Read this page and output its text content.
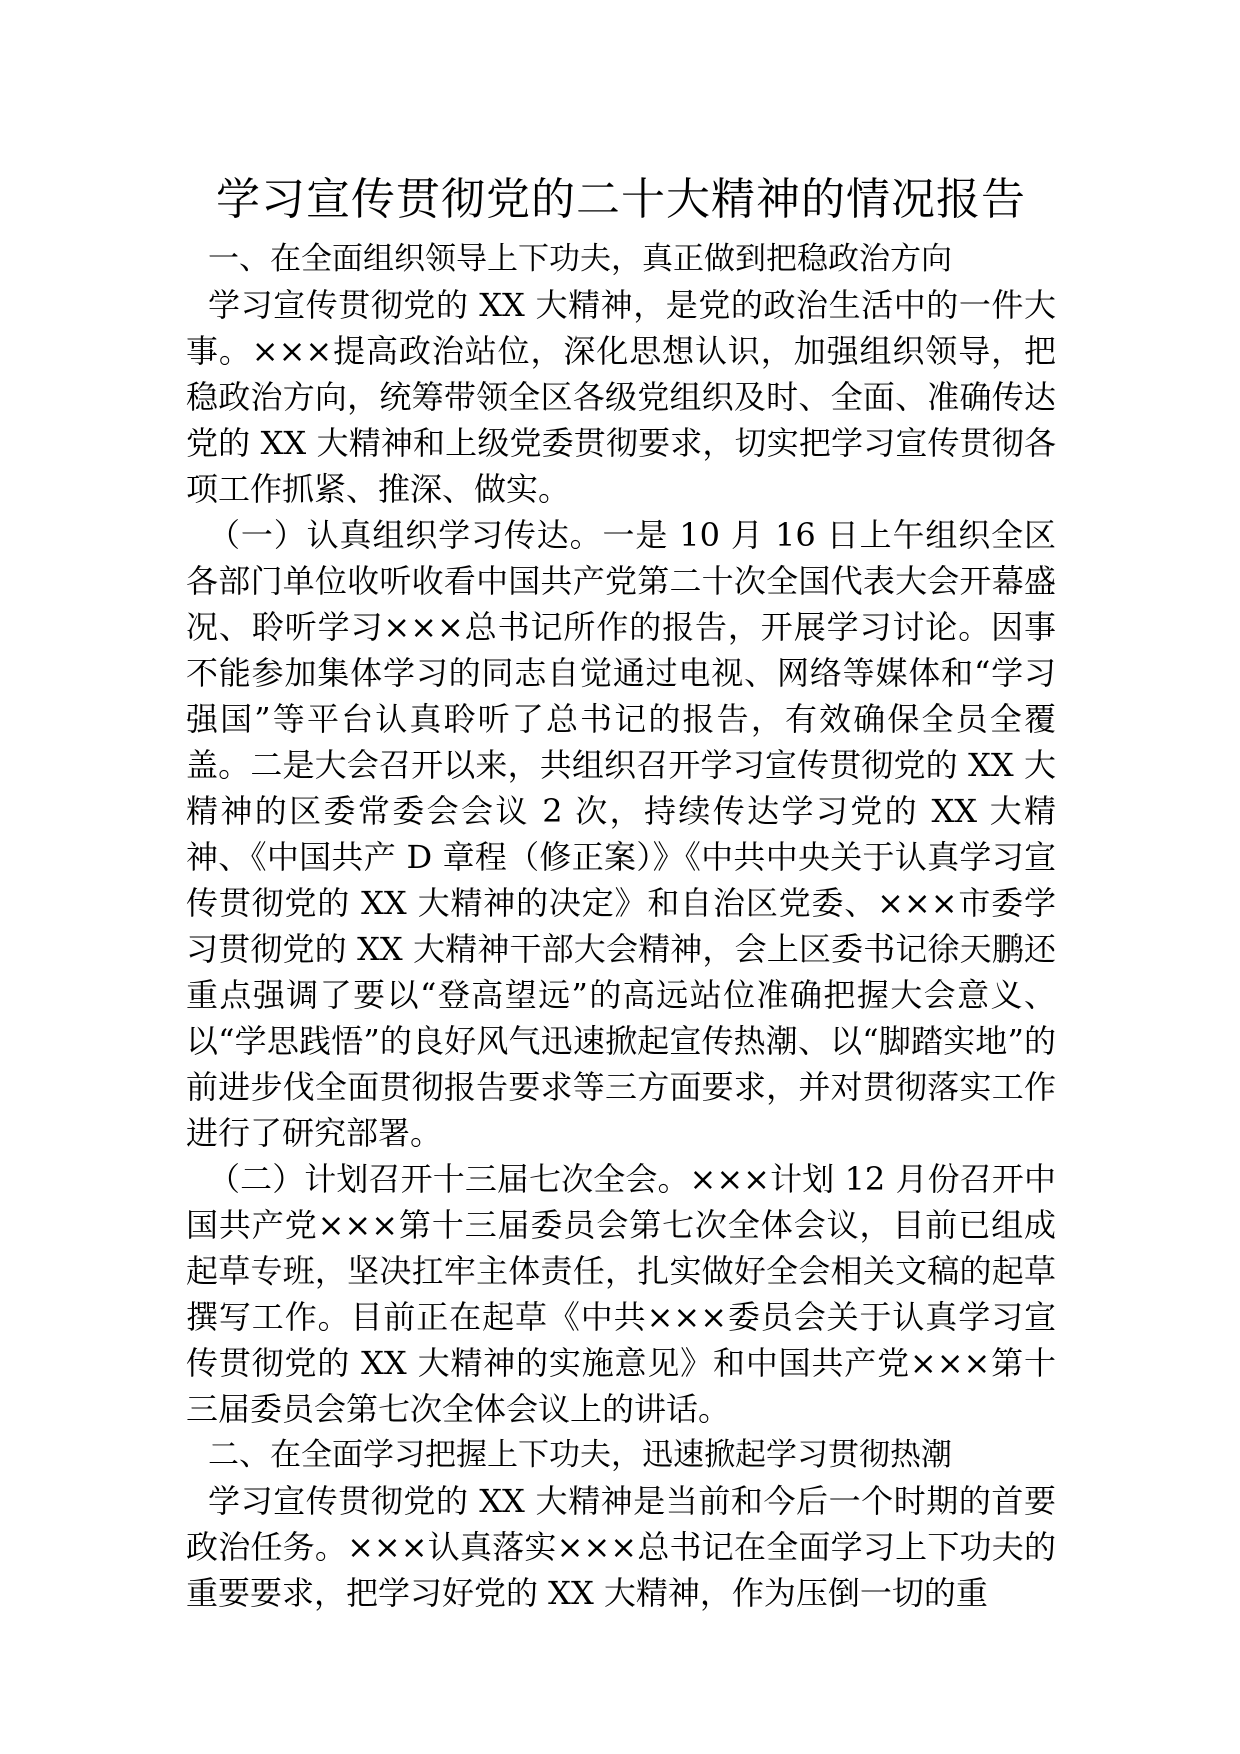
学习宣传贯彻党的二十大精神的情况报告

一、在全面组织领导上下功夫，真正做到把稳政治方向

学习宣传贯彻党的 XX 大精神，是党的政治生活中的一件大事。×××提高政治站位，深化思想认识，加强组织领导，把稳政治方向，统筹带领全区各级党组织及时、全面、准确传达党的 XX 大精神和上级党委贯彻要求，切实把学习宣传贯彻各项工作抓紧、推深、做实。

（一）认真组织学习传达。一是 10 月 16 日上午组织全区各部门单位收听收看中国共产党第二十次全国代表大会开幕盛况、聆听学习×××总书记所作的报告，开展学习讨论。因事不能参加集体学习的同志自觉通过电视、网络等媒体和“学习强国”等平台认真聆听了总书记的报告，有效确保全员全覆盖。二是大会召开以来，共组织召开学习宣传贯彻党的 XX 大精神的区委常委会会议 2 次，持续传达学习党的 XX 大精神、《中国共产 D 章程（修正案）》《中共中央关于认真学习宣传贯彻党的 XX 大精神的决定》和自治区党委、×××市委学习贯彻党的 XX 大精神干部大会精神，会上区委书记徐天鹏还重点强调了要以“登高望远”的高远站位准确把握大会意义、以“学思践悟”的良好风气迅速掀起宣传热潮、以“脚踏实地”的前进步伐全面贯彻报告要求等三方面要求，并对贯彻落实工作进行了研究部署。

（二）计划召开十三届七次全会。×××计划 12 月份召开中国共产党×××第十三届委员会第七次全体会议，目前已组成起草专班，坚决扛牢主体责任，扎实做好全会相关文稿的起草撰写工作。目前正在起草《中共×××委员会关于认真学习宣传贯彻党的 XX 大精神的实施意见》和中国共产党×××第十三届委员会第七次全体会议上的讲话。

二、在全面学习把握上下功夫，迅速掀起学习贯彻热潮

学习宣传贯彻党的 XX 大精神是当前和今后一个时期的首要政治任务。×××认真落实×××总书记在全面学习上下功夫的重要要求，把学习好党的 XX 大精神，作为压倒一切的重
